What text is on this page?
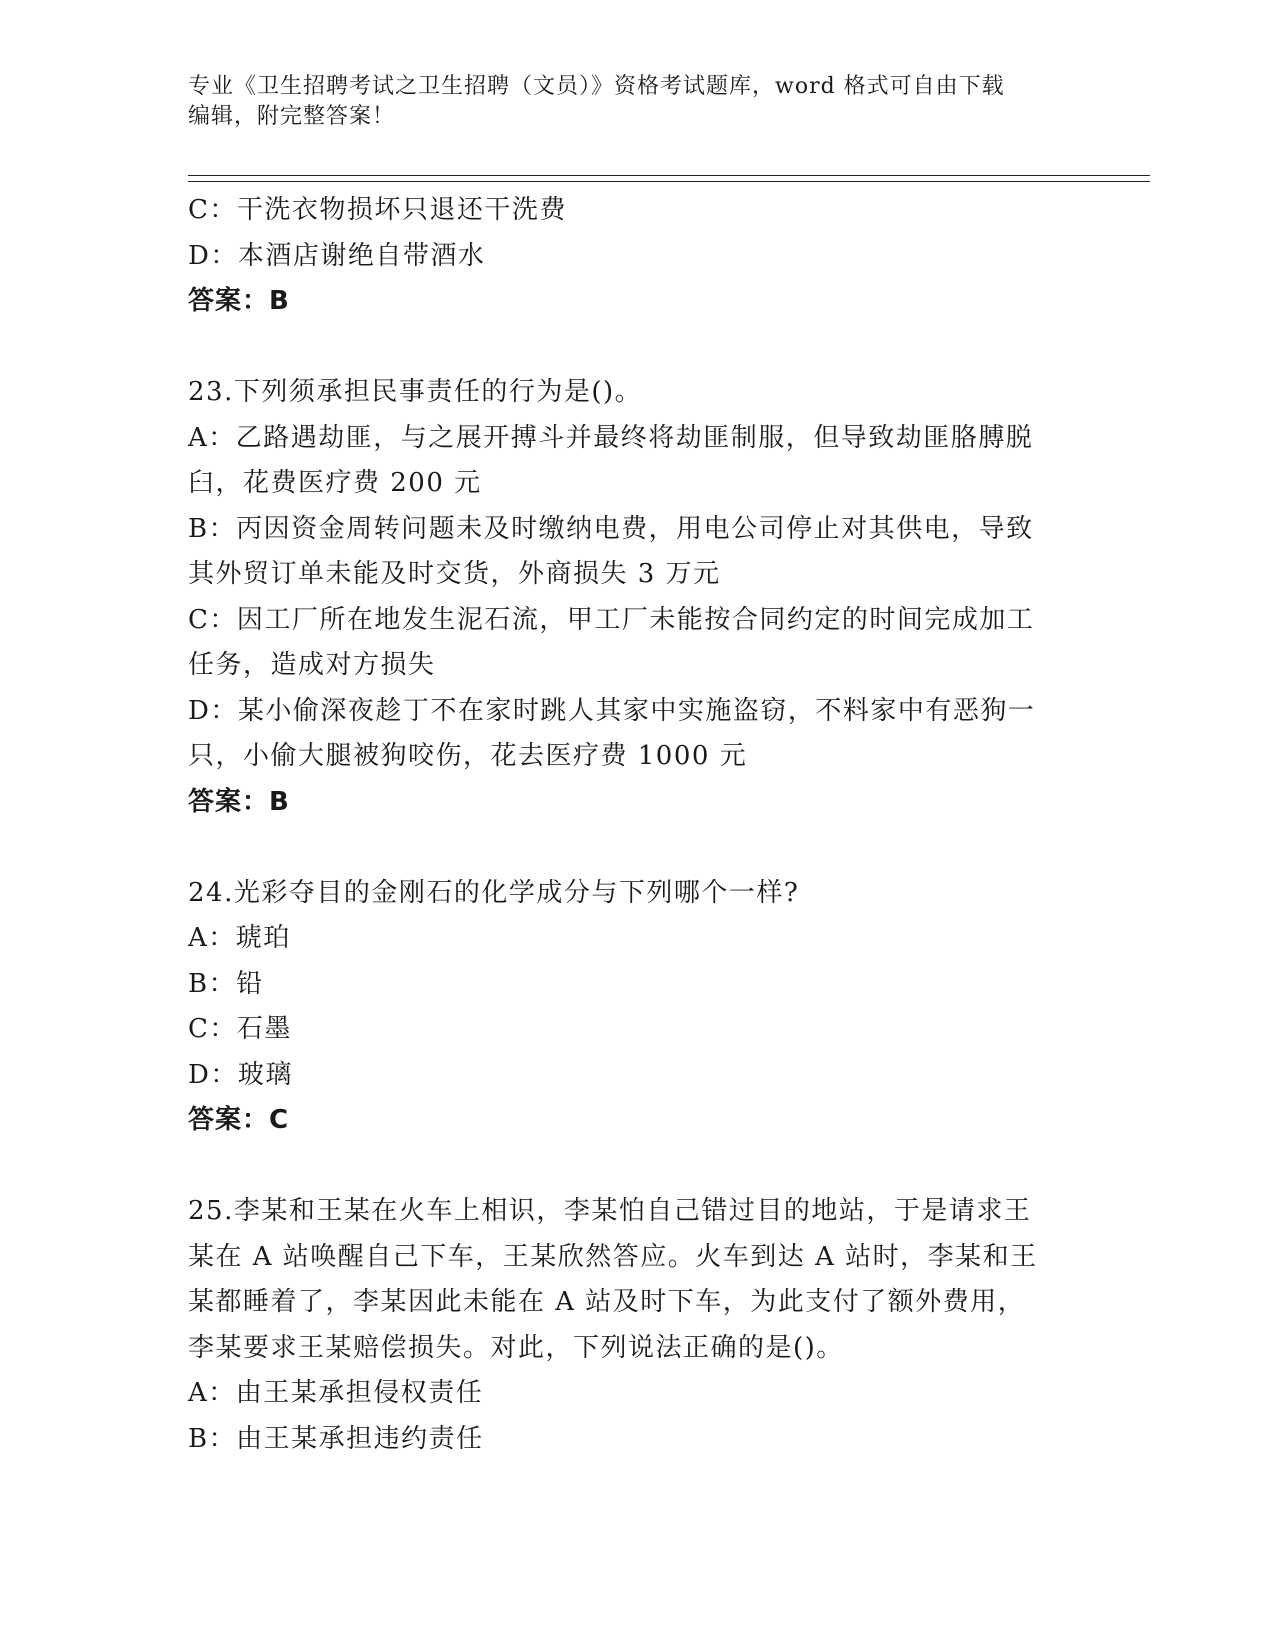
专业《卫生招聘考试之卫生招聘（文员）》资格考试题库，word 格式可自由下载
编辑，附完整答案！
C：干洗衣物损坏只退还干洗费
D：本酒店谢绝自带酒水
答案：B
23.下列须承担民事责任的行为是()。
A：乙路遇劫匪，与之展开搏斗并最终将劫匪制服，但导致劫匪胳膊脱
臼，花费医疗费 200 元
B：丙因资金周转问题未及时缴纳电费，用电公司停止对其供电，导致
其外贸订单未能及时交货，外商损失 3 万元
C：因工厂所在地发生泥石流，甲工厂未能按合同约定的时间完成加工
任务，造成对方损失
D：某小偷深夜趁丁不在家时跳人其家中实施盗窃，不料家中有恶狗一
只，小偷大腿被狗咬伤，花去医疗费 1000 元
答案：B
24.光彩夺目的金刚石的化学成分与下列哪个一样?
A：琥珀
B：铅
C：石墨
D：玻璃
答案：C
25.李某和王某在火车上相识，李某怕自己错过目的地站，于是请求王
某在 A 站唤醒自己下车，王某欣然答应。火车到达 A 站时，李某和王
某都睡着了，李某因此未能在 A 站及时下车，为此支付了额外费用，
李某要求王某赔偿损失。对此，下列说法正确的是()。
A：由王某承担侵权责任
B：由王某承担违约责任
